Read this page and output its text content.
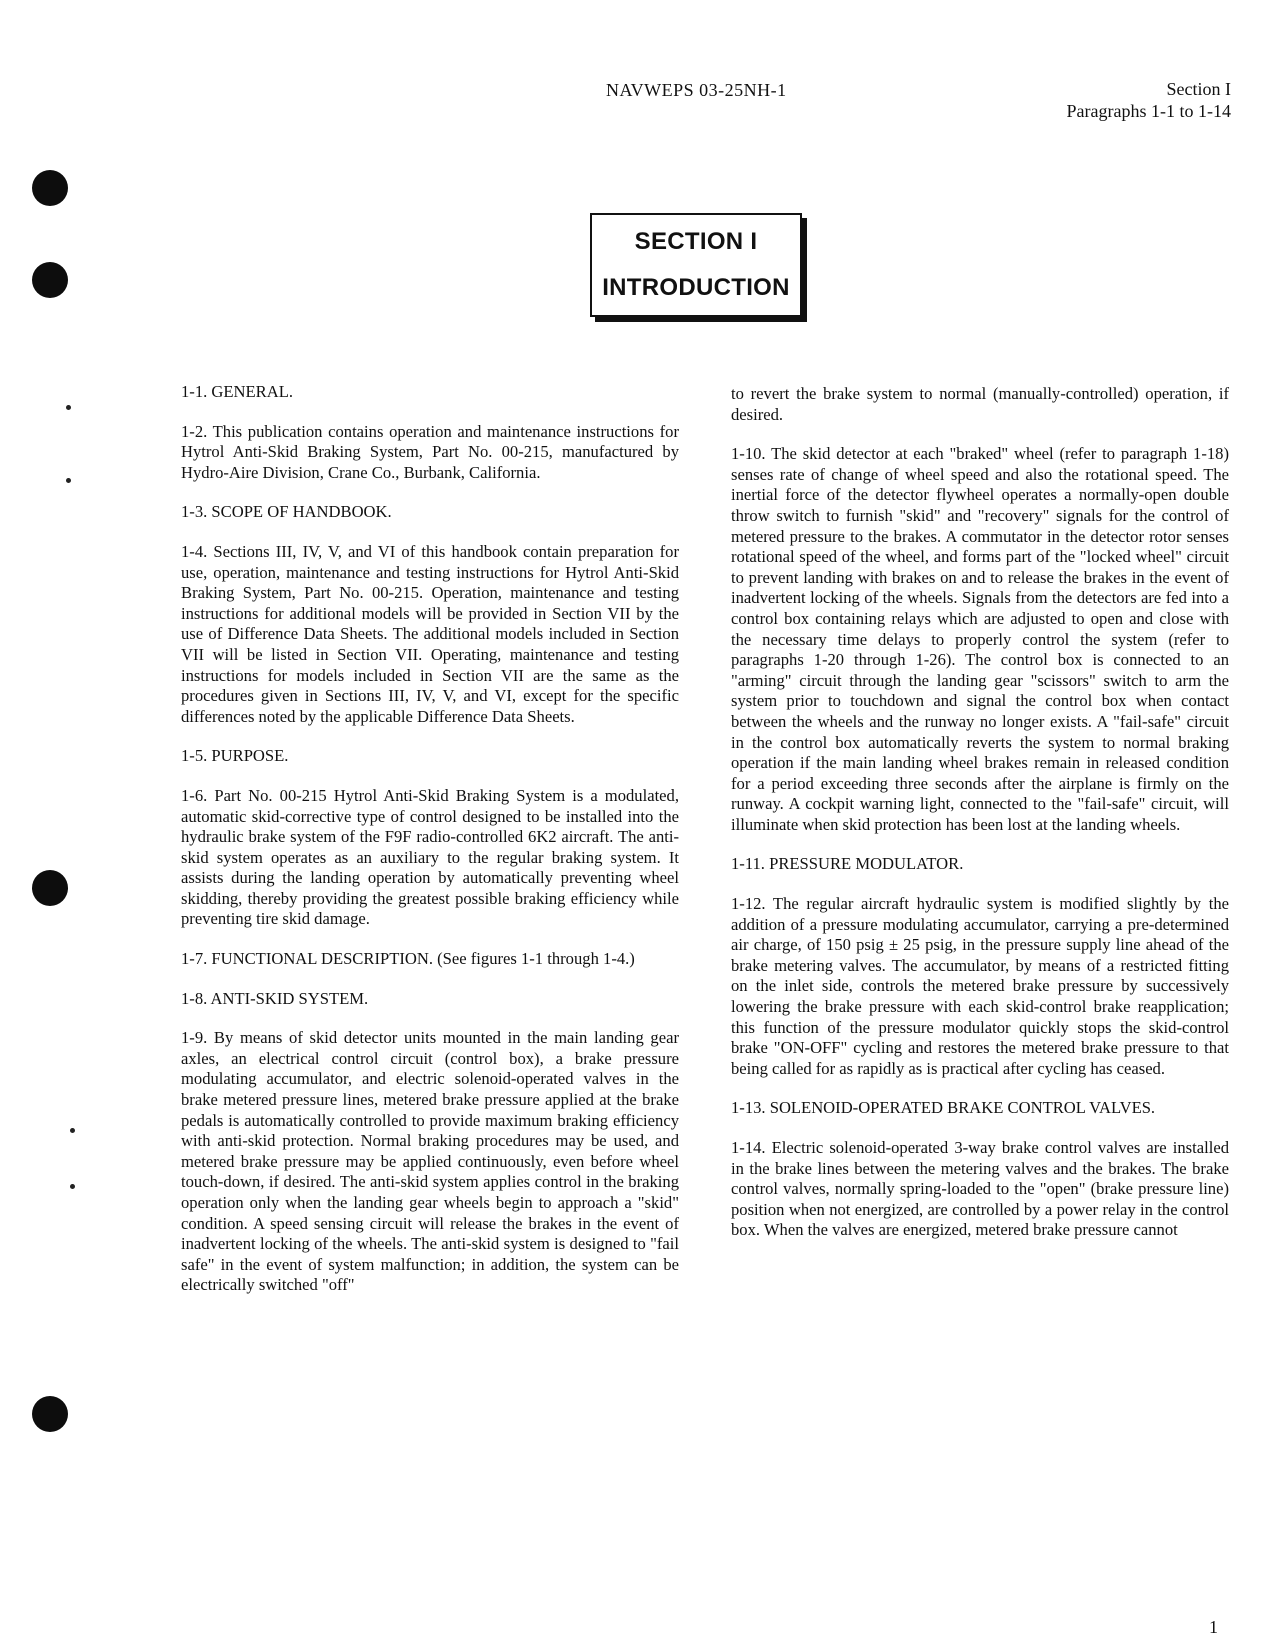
NAVWEPS 03-25NH-1	Section I
Paragraphs 1-1 to 1-14
SECTION I
INTRODUCTION

1-1. GENERAL.

1-2. This publication contains operation and maintenance instructions for Hytrol Anti-Skid Braking System, Part No. 00-215, manufactured by Hydro-Aire Division, Crane Co., Burbank, California.

1-3. SCOPE OF HANDBOOK.

1-4. Sections III, IV, V, and VI of this handbook contain preparation for use, operation, maintenance and testing instructions for Hytrol Anti-Skid Braking System, Part No. 00-215. Operation, maintenance and testing instructions for additional models will be provided in Section VII by the use of Difference Data Sheets. The additional models included in Section VII will be listed in Section VII. Operating, maintenance and testing instructions for models included in Section VII are the same as the procedures given in Sections III, IV, V, and VI, except for the specific differences noted by the applicable Difference Data Sheets.

1-5. PURPOSE.

1-6. Part No. 00-215 Hytrol Anti-Skid Braking System is a modulated, automatic skid-corrective type of control designed to be installed into the hydraulic brake system of the F9F radio-controlled 6K2 aircraft. The anti-skid system operates as an auxiliary to the regular braking system. It assists during the landing operation by automatically preventing wheel skidding, thereby providing the greatest possible braking efficiency while preventing tire skid damage.

1-7. FUNCTIONAL DESCRIPTION. (See figures 1-1 through 1-4.)

1-8. ANTI-SKID SYSTEM.

1-9. By means of skid detector units mounted in the main landing gear axles, an electrical control circuit (control box), a brake pressure modulating accumulator, and electric solenoid-operated valves in the brake metered pressure lines, metered brake pressure applied at the brake pedals is automatically controlled to provide maximum braking efficiency with anti-skid protection. Normal braking procedures may be used, and metered brake pressure may be applied continuously, even before wheel touch-down, if desired. The anti-skid system applies control in the braking operation only when the landing gear wheels begin to approach a "skid" condition. A speed sensing circuit will release the brakes in the event of inadvertent locking of the wheels. The anti-skid system is designed to "fail safe" in the event of system malfunction; in addition, the system can be electrically switched "off"

to revert the brake system to normal (manually-controlled) operation, if desired.

1-10. The skid detector at each "braked" wheel (refer to paragraph 1-18) senses rate of change of wheel speed and also the rotational speed. The inertial force of the detector flywheel operates a normally-open double throw switch to furnish "skid" and "recovery" signals for the control of metered pressure to the brakes. A commutator in the detector rotor senses rotational speed of the wheel, and forms part of the "locked wheel" circuit to prevent landing with brakes on and to release the brakes in the event of inadvertent locking of the wheels. Signals from the detectors are fed into a control box containing relays which are adjusted to open and close with the necessary time delays to properly control the system (refer to paragraphs 1-20 through 1-26). The control box is connected to an "arming" circuit through the landing gear "scissors" switch to arm the system prior to touchdown and signal the control box when contact between the wheels and the runway no longer exists. A "fail-safe" circuit in the control box automatically reverts the system to normal braking operation if the main landing wheel brakes remain in released condition for a period exceeding three seconds after the airplane is firmly on the runway. A cockpit warning light, connected to the "fail-safe" circuit, will illuminate when skid protection has been lost at the landing wheels.

1-11. PRESSURE MODULATOR.

1-12. The regular aircraft hydraulic system is modified slightly by the addition of a pressure modulating accumulator, carrying a pre-determined air charge, of 150 psig ± 25 psig, in the pressure supply line ahead of the brake metering valves. The accumulator, by means of a restricted fitting on the inlet side, controls the metered brake pressure by successively lowering the brake pressure with each skid-control brake reapplication; this function of the pressure modulator quickly stops the skid-control brake "ON-OFF" cycling and restores the metered brake pressure to that being called for as rapidly as is practical after cycling has ceased.

1-13. SOLENOID-OPERATED BRAKE CONTROL VALVES.

1-14. Electric solenoid-operated 3-way brake control valves are installed in the brake lines between the metering valves and the brakes. The brake control valves, normally spring-loaded to the "open" (brake pressure line) position when not energized, are controlled by a power relay in the control box. When the valves are energized, metered brake pressure cannot

1
